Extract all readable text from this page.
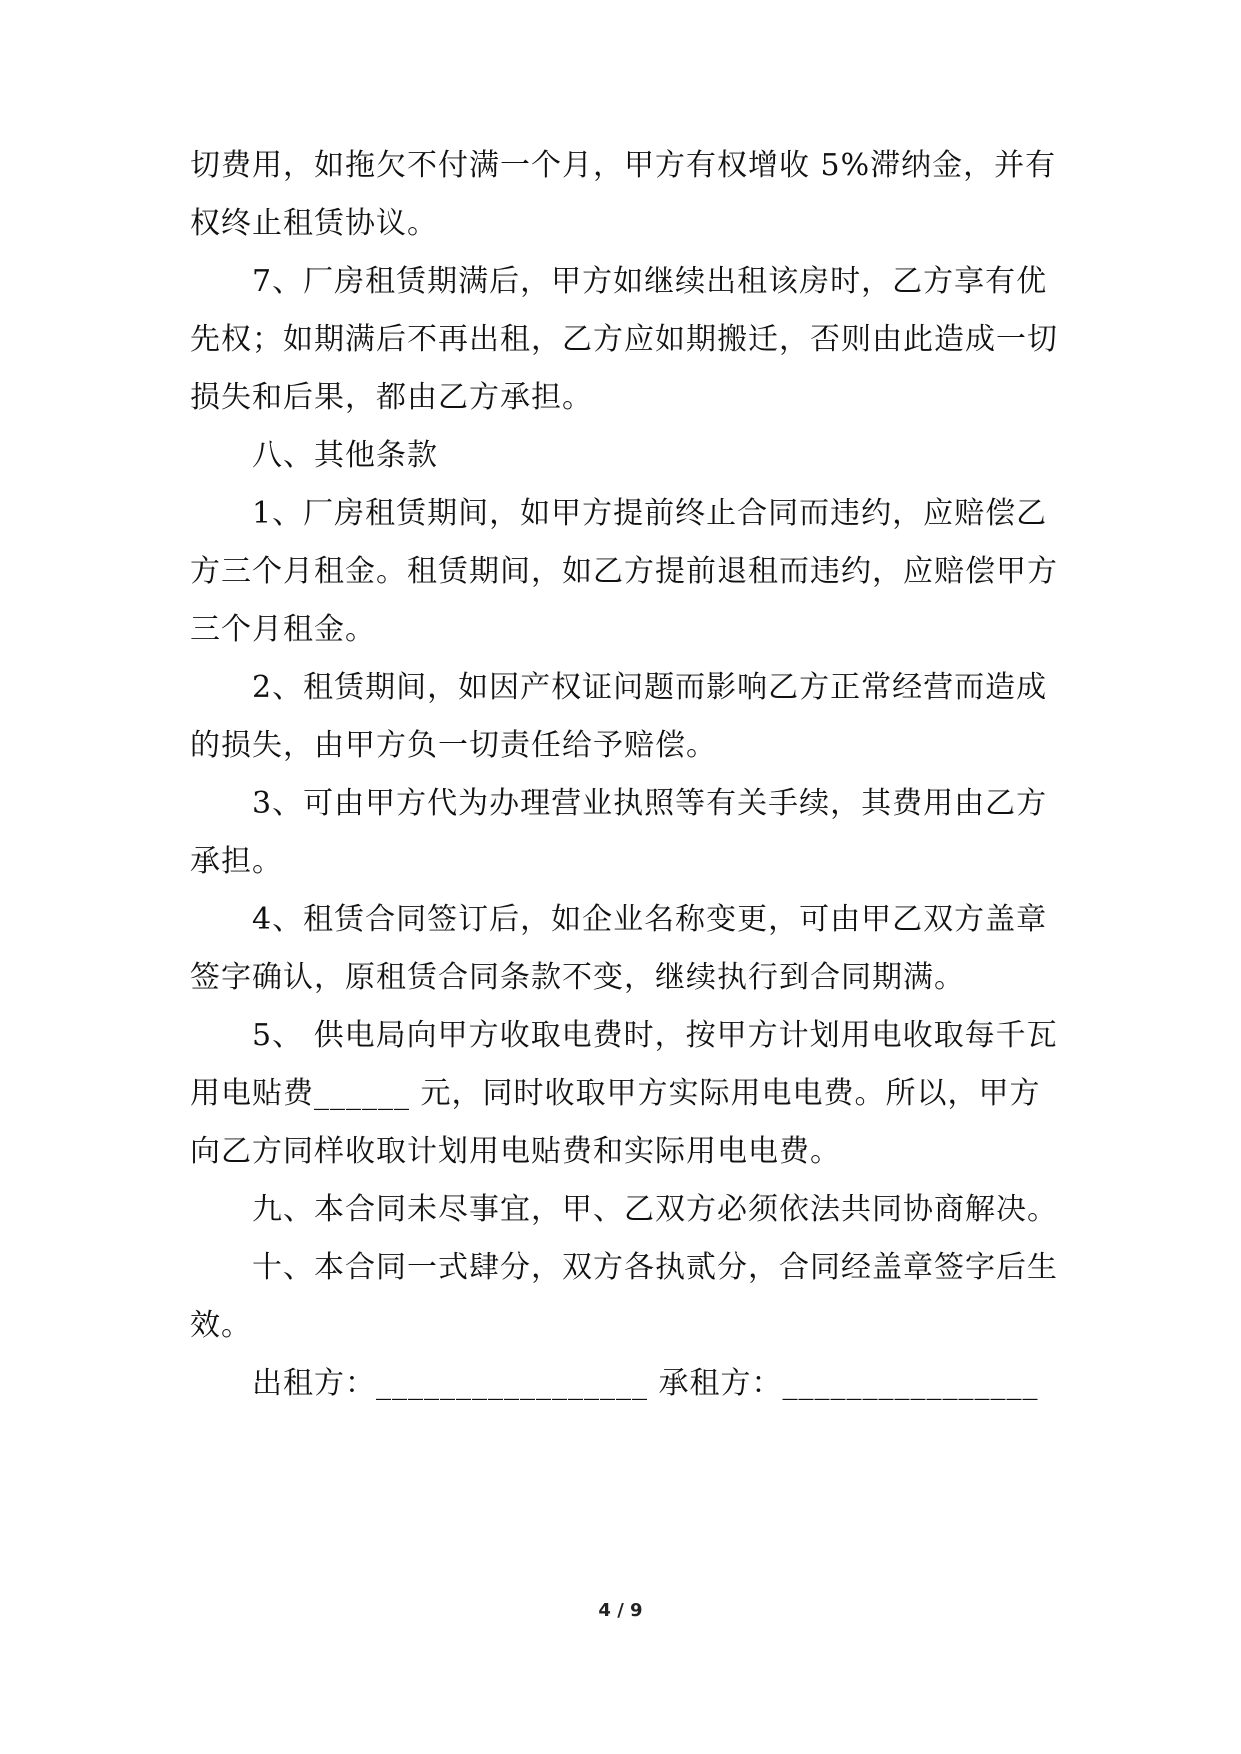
切费用，如拖欠不付满一个月，甲方有权增收 5%滞纳金，并有
权终止租赁协议。
7、厂房租赁期满后，甲方如继续出租该房时，乙方享有优
先权；如期满后不再出租，乙方应如期搬迁，否则由此造成一切
损失和后果，都由乙方承担。
八、其他条款
1、厂房租赁期间，如甲方提前终止合同而违约，应赔偿乙
方三个月租金。租赁期间，如乙方提前退租而违约，应赔偿甲方
三个月租金。
2、租赁期间，如因产权证问题而影响乙方正常经营而造成
的损失，由甲方负一切责任给予赔偿。
3、可由甲方代为办理营业执照等有关手续，其费用由乙方
承担。
4、租赁合同签订后，如企业名称变更，可由甲乙双方盖章
签字确认，原租赁合同条款不变，继续执行到合同期满。
5、 供电局向甲方收取电费时，按甲方计划用电收取每千瓦
用电贴费______ 元，同时收取甲方实际用电电费。所以，甲方
向乙方同样收取计划用电贴费和实际用电电费。
九、本合同未尽事宜，甲、乙双方必须依法共同协商解决。
十、本合同一式肆分，双方各执贰分，合同经盖章签字后生
效。
出租方：_________________ 承租方：________________
4 / 9
